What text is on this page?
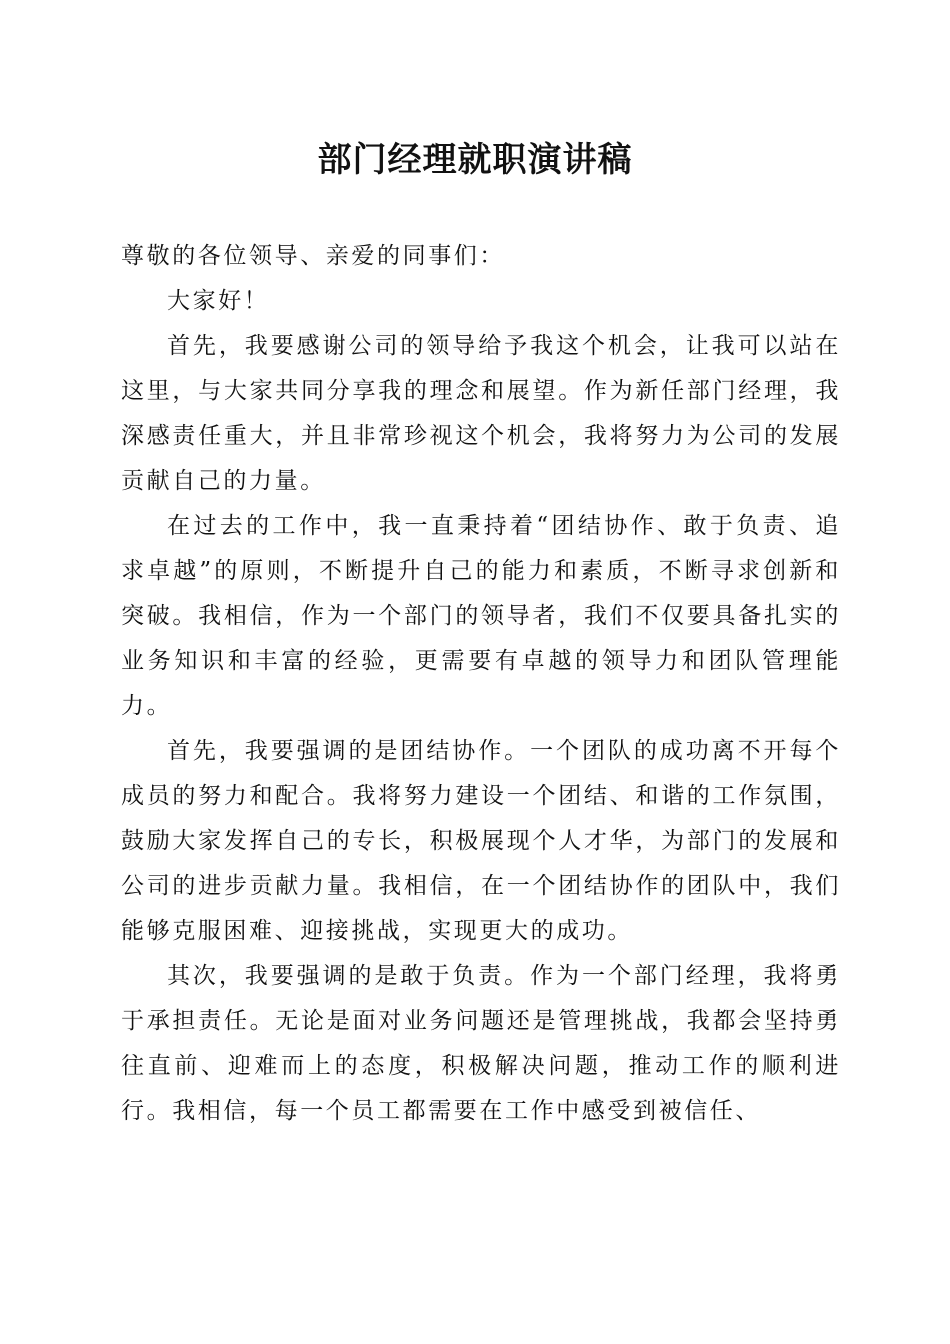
部门经理就职演讲稿

尊敬的各位领导、亲爱的同事们：

大家好！

首先，我要感谢公司的领导给予我这个机会，让我可以站在这里，与大家共同分享我的理念和展望。作为新任部门经理，我深感责任重大，并且非常珍视这个机会，我将努力为公司的发展贡献自己的力量。

在过去的工作中，我一直秉持着“团结协作、敢于负责、追求卓越”的原则，不断提升自己的能力和素质，不断寻求创新和突破。我相信，作为一个部门的领导者，我们不仅要具备扎实的业务知识和丰富的经验，更需要有卓越的领导力和团队管理能力。

首先，我要强调的是团结协作。一个团队的成功离不开每个成员的努力和配合。我将努力建设一个团结、和谐的工作氛围，鼓励大家发挥自己的专长，积极展现个人才华，为部门的发展和公司的进步贡献力量。我相信，在一个团结协作的团队中，我们能够克服困难、迎接挑战，实现更大的成功。

其次，我要强调的是敢于负责。作为一个部门经理，我将勇于承担责任。无论是面对业务问题还是管理挑战，我都会坚持勇往直前、迎难而上的态度，积极解决问题，推动工作的顺利进行。我相信，每一个员工都需要在工作中感受到被信任、
